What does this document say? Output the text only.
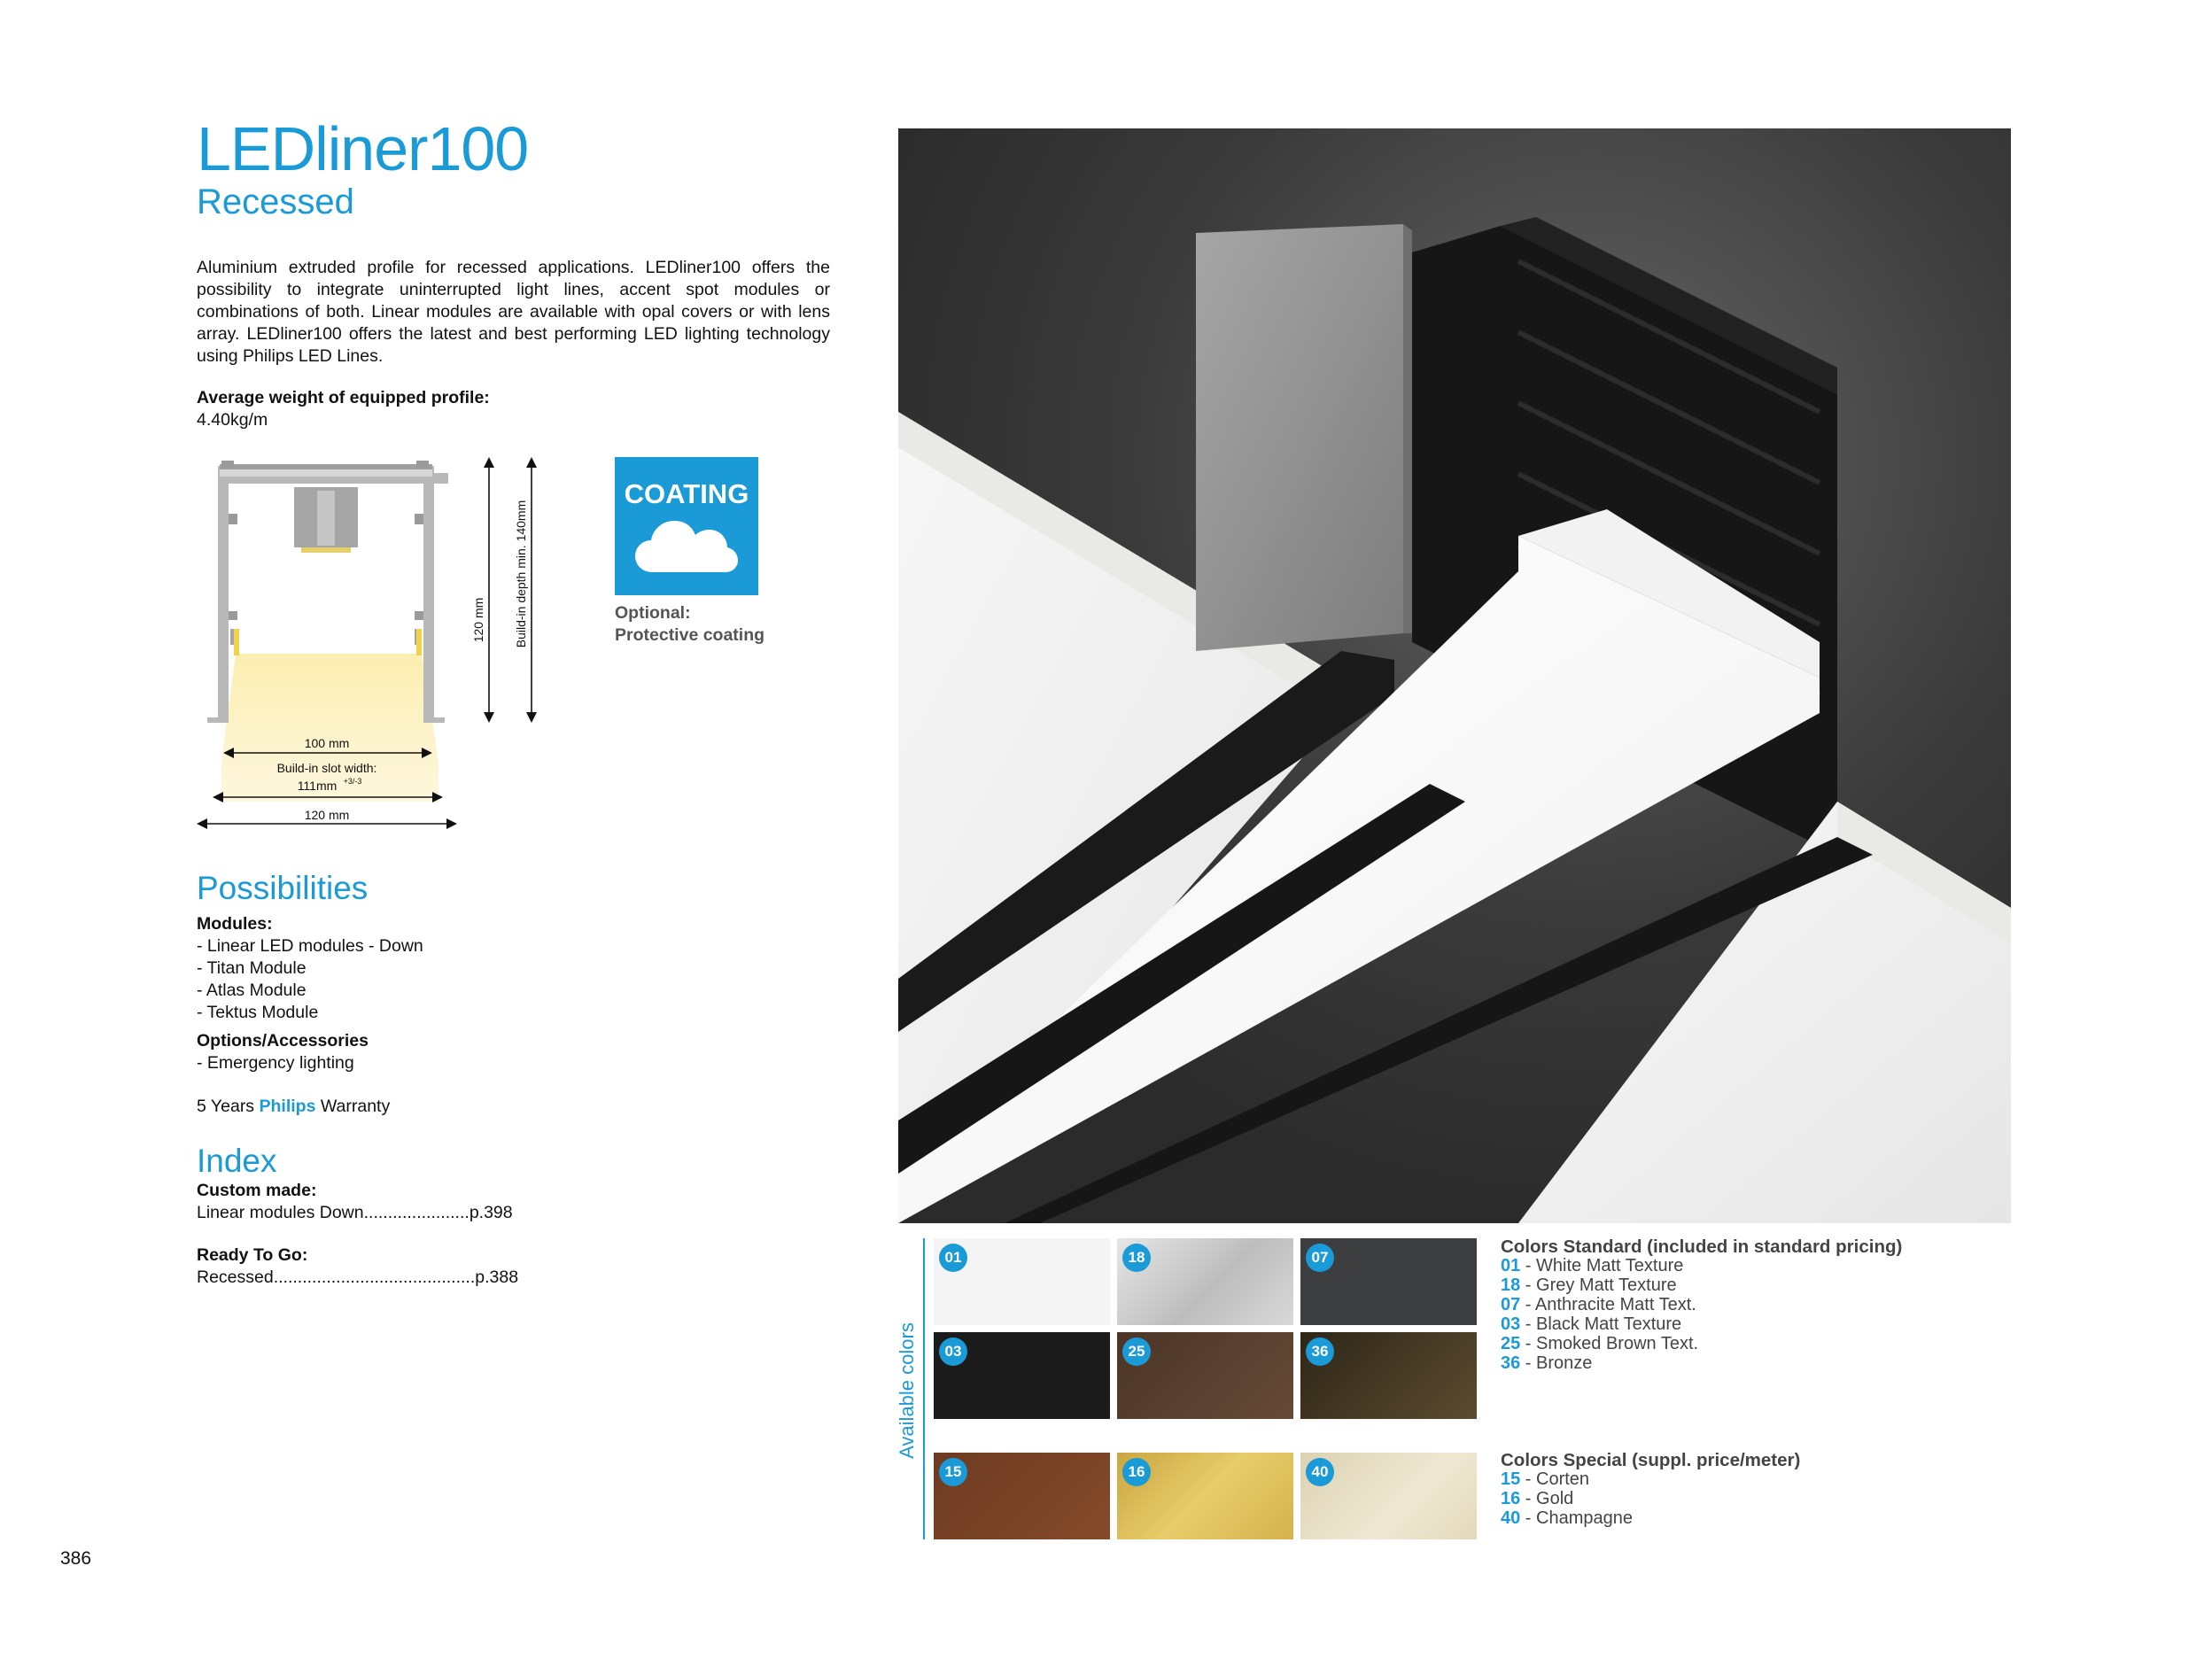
LEDliner100
Recessed
Aluminium extruded profile for recessed applications. LEDliner100 offers the possibility to integrate uninterrupted light lines, accent spot modules or combinations of both. Linear modules are available with opal covers or with lens array. LEDliner100 offers the latest and best performing LED lighting technology using Philips LED Lines.
Average weight of equipped profile:
4.40kg/m
120 mm Build-in depth min. 140mm
100 mm
Build-in slot width:
111mm +3/-3
120 mm
COATING
Optional:
Protective coating
Possibilities
Modules:
- Linear LED modules - Down
- Titan Module
- Atlas Module
- Tektus Module
Options/Accessories
- Emergency lighting
5 Years Philips Warranty
Index
Custom made:
Linear modules Down......................p.398
Ready To Go:
Recessed..........................................p.388
386
Available colors
01	18	07
03	25	36
15	16	40
Colors Standard (included in standard pricing)
01 - White Matt Texture
18 - Grey Matt Texture
07 - Anthracite Matt Text.
03 - Black Matt Texture
25 - Smoked Brown Text.
36 - Bronze
Colors Special (suppl. price/meter)
15 - Corten
16 - Gold
40 - Champagne
